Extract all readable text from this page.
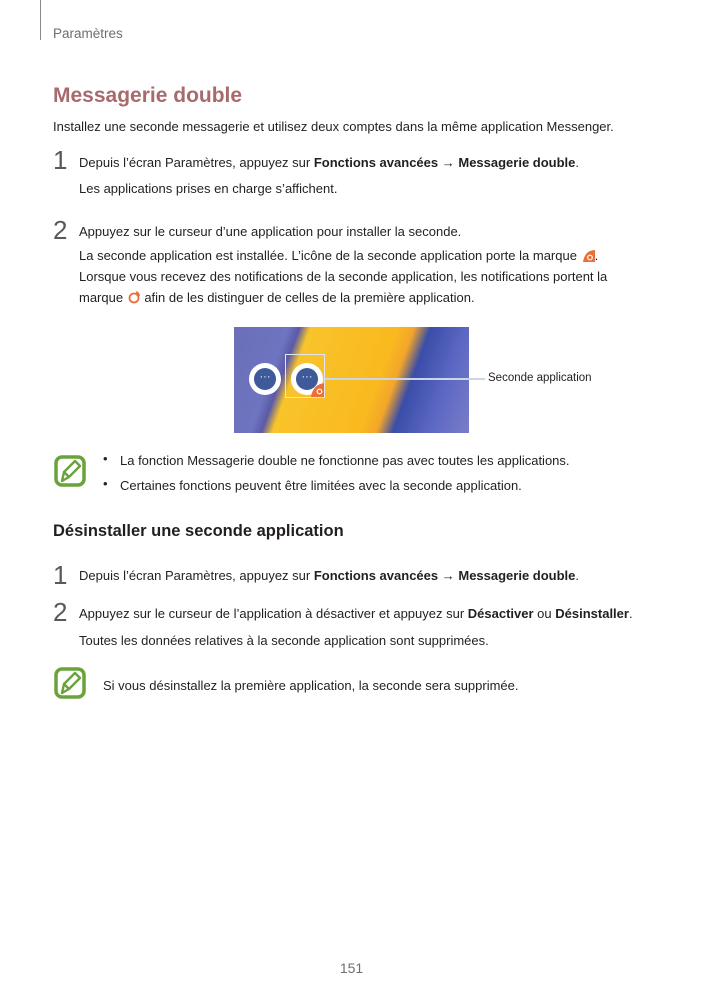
Paramètres
Messagerie double
Installez une seconde messagerie et utilisez deux comptes dans la même application Messenger.
1 Depuis l’écran Paramètres, appuyez sur Fonctions avancées → Messagerie double.
Les applications prises en charge s’affichent.
2 Appuyez sur le curseur d’une application pour installer la seconde.
La seconde application est installée. L’icône de la seconde application porte la marque .
Lorsque vous recevez des notifications de la seconde application, les notifications portent la
marque  afin de les distinguer de celles de la première application.
···	···	Seconde application
• La fonction Messagerie double ne fonctionne pas avec toutes les applications.
• Certaines fonctions peuvent être limitées avec la seconde application.
Désinstaller une seconde application
1 Depuis l’écran Paramètres, appuyez sur Fonctions avancées → Messagerie double.
2 Appuyez sur le curseur de l’application à désactiver et appuyez sur Désactiver ou Désinstaller.
Toutes les données relatives à la seconde application sont supprimées.
Si vous désinstallez la première application, la seconde sera supprimée.
151
